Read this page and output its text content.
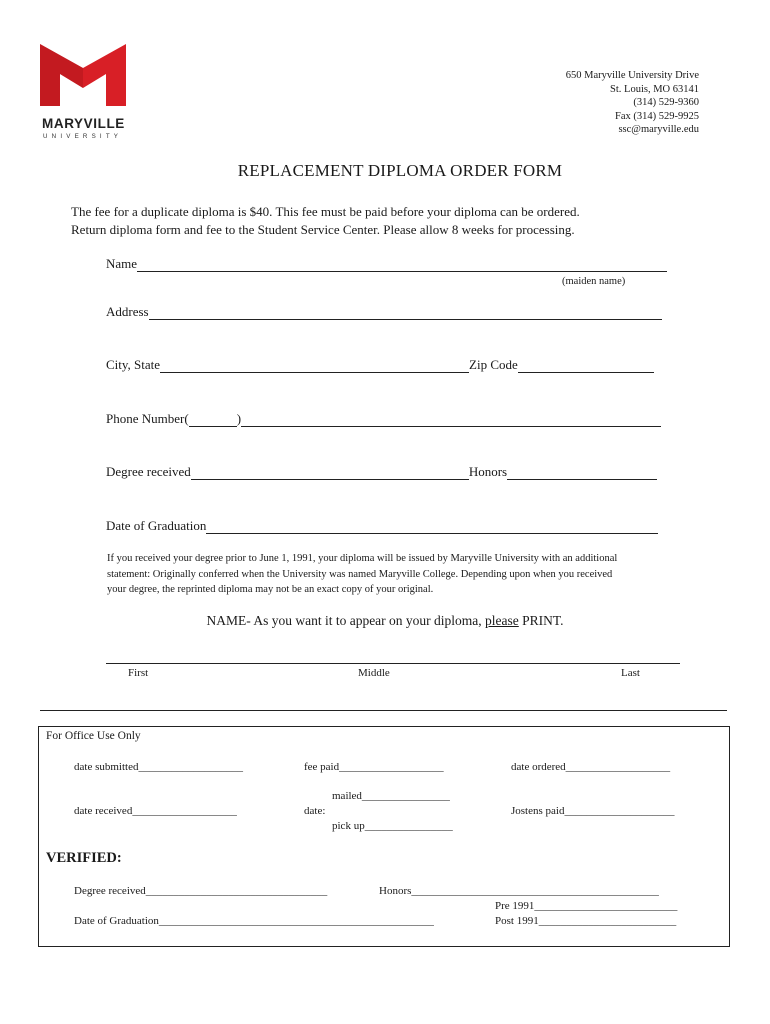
MARYVILLE
UNIVERSITY
650 Maryville University Drive
St. Louis, MO 63141
(314) 529-9360
Fax (314) 529-9925
ssc@maryville.edu
REPLACEMENT DIPLOMA ORDER FORM
The fee for a duplicate diploma is $40. This fee must be paid before your diploma can be ordered.
Return diploma form and fee to the Student Service Center. Please allow 8 weeks for processing.
Name
(maiden name)
Address
City, State	Zip Code
Phone Number(	)
Degree received	Honors
Date of Graduation
If you received your degree prior to June 1, 1991, your diploma will be issued by Maryville University with an additional
statement: Originally conferred when the University was named Maryville College. Depending upon when you received
your degree, the reprinted diploma may not be an exact copy of your original.
NAME- As you want it to appear on your diploma, please PRINT.
First	Middle	Last
For Office Use Only
date submitted___________________	fee paid___________________	date ordered___________________
mailed________________
date received___________________	date:	Jostens paid____________________
pick up________________
VERIFIED:
Degree received_________________________________	Honors_____________________________________________
Pre 1991__________________________
Date of Graduation__________________________________________________	Post 1991_________________________
